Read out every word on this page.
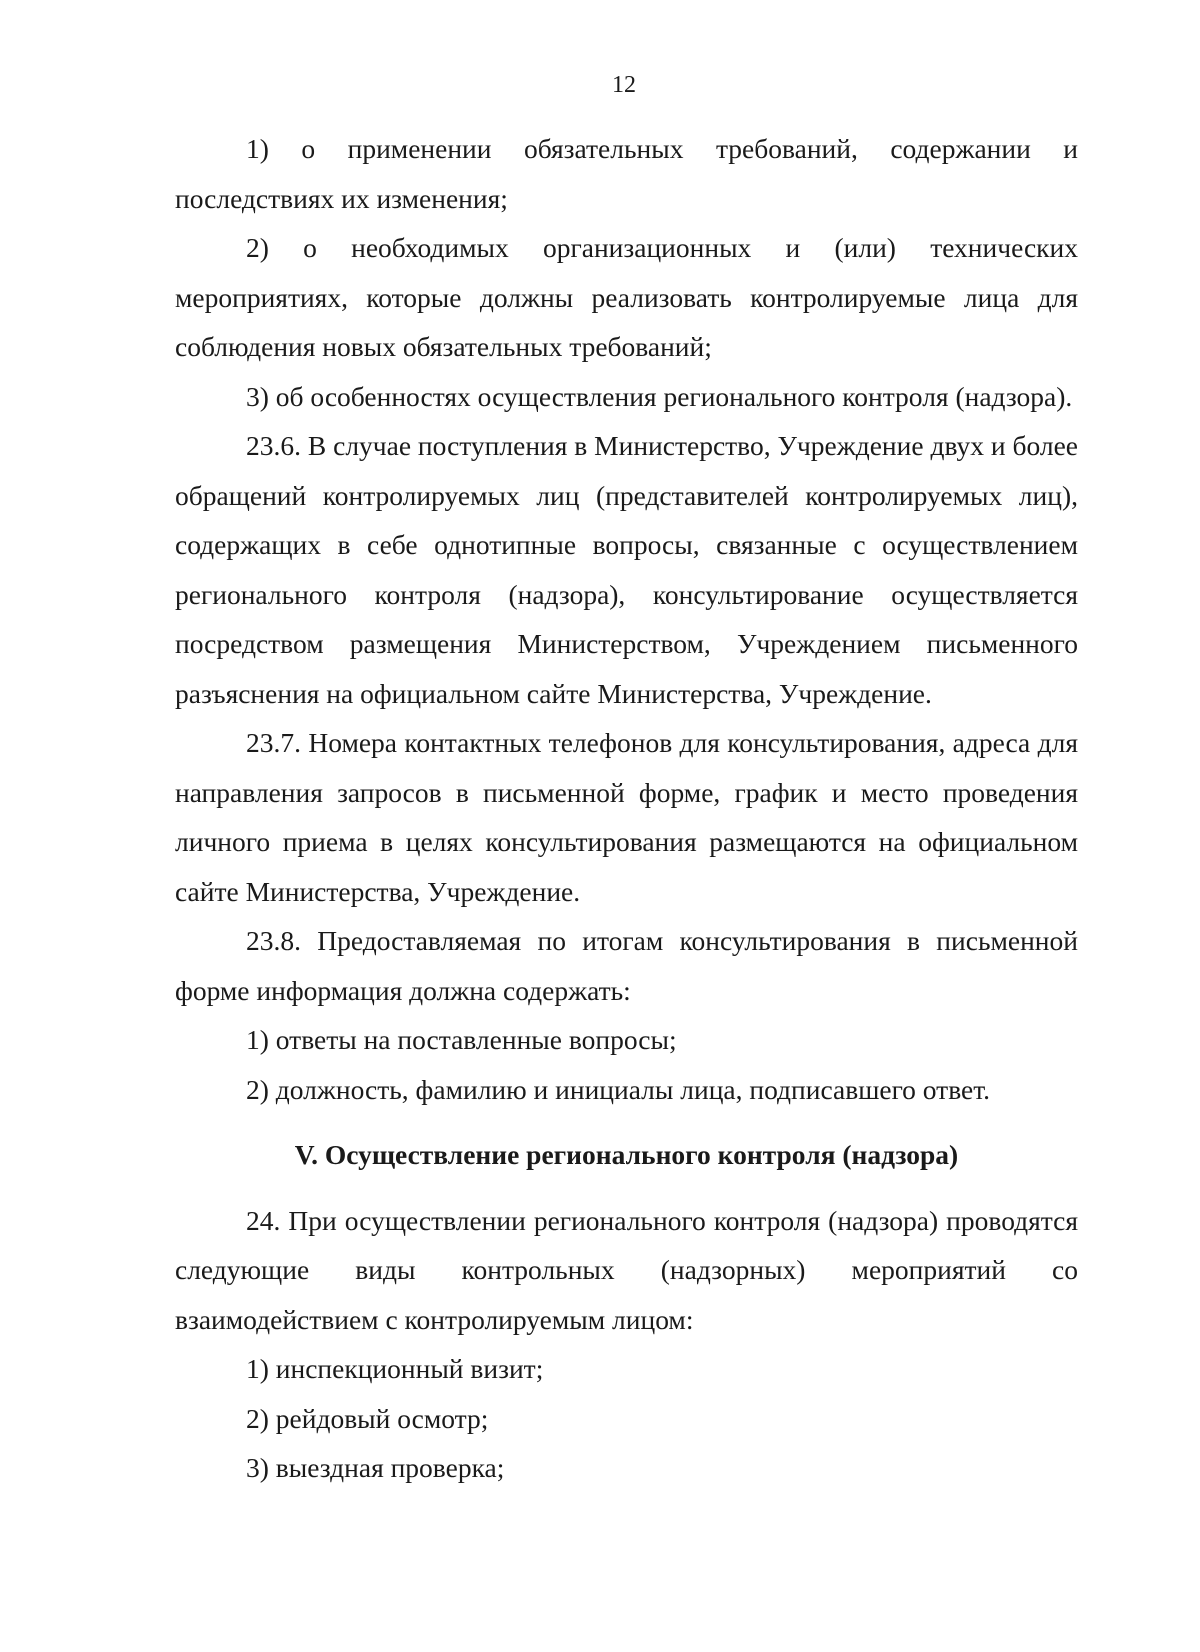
12

1) о применении обязательных требований, содержании и последствиях их изменения;

2) о необходимых организационных и (или) технических мероприятиях, которые должны реализовать контролируемые лица для соблюдения новых обязательных требований;

3) об особенностях осуществления регионального контроля (надзора).

23.6. В случае поступления в Министерство, Учреждение двух и более обращений контролируемых лиц (представителей контролируемых лиц), содержащих в себе однотипные вопросы, связанные с осуществлением регионального контроля (надзора), консультирование осуществляется посредством размещения Министерством, Учреждением письменного разъяснения на официальном сайте Министерства, Учреждение.

23.7. Номера контактных телефонов для консультирования, адреса для направления запросов в письменной форме, график и место проведения личного приема в целях консультирования размещаются на официальном сайте Министерства, Учреждение.

23.8. Предоставляемая по итогам консультирования в письменной форме информация должна содержать:

1) ответы на поставленные вопросы;

2) должность, фамилию и инициалы лица, подписавшего ответ.

V. Осуществление регионального контроля (надзора)

24. При осуществлении регионального контроля (надзора) проводятся следующие виды контрольных (надзорных) мероприятий со взаимодействием с контролируемым лицом:

1) инспекционный визит;

2) рейдовый осмотр;

3) выездная проверка;
